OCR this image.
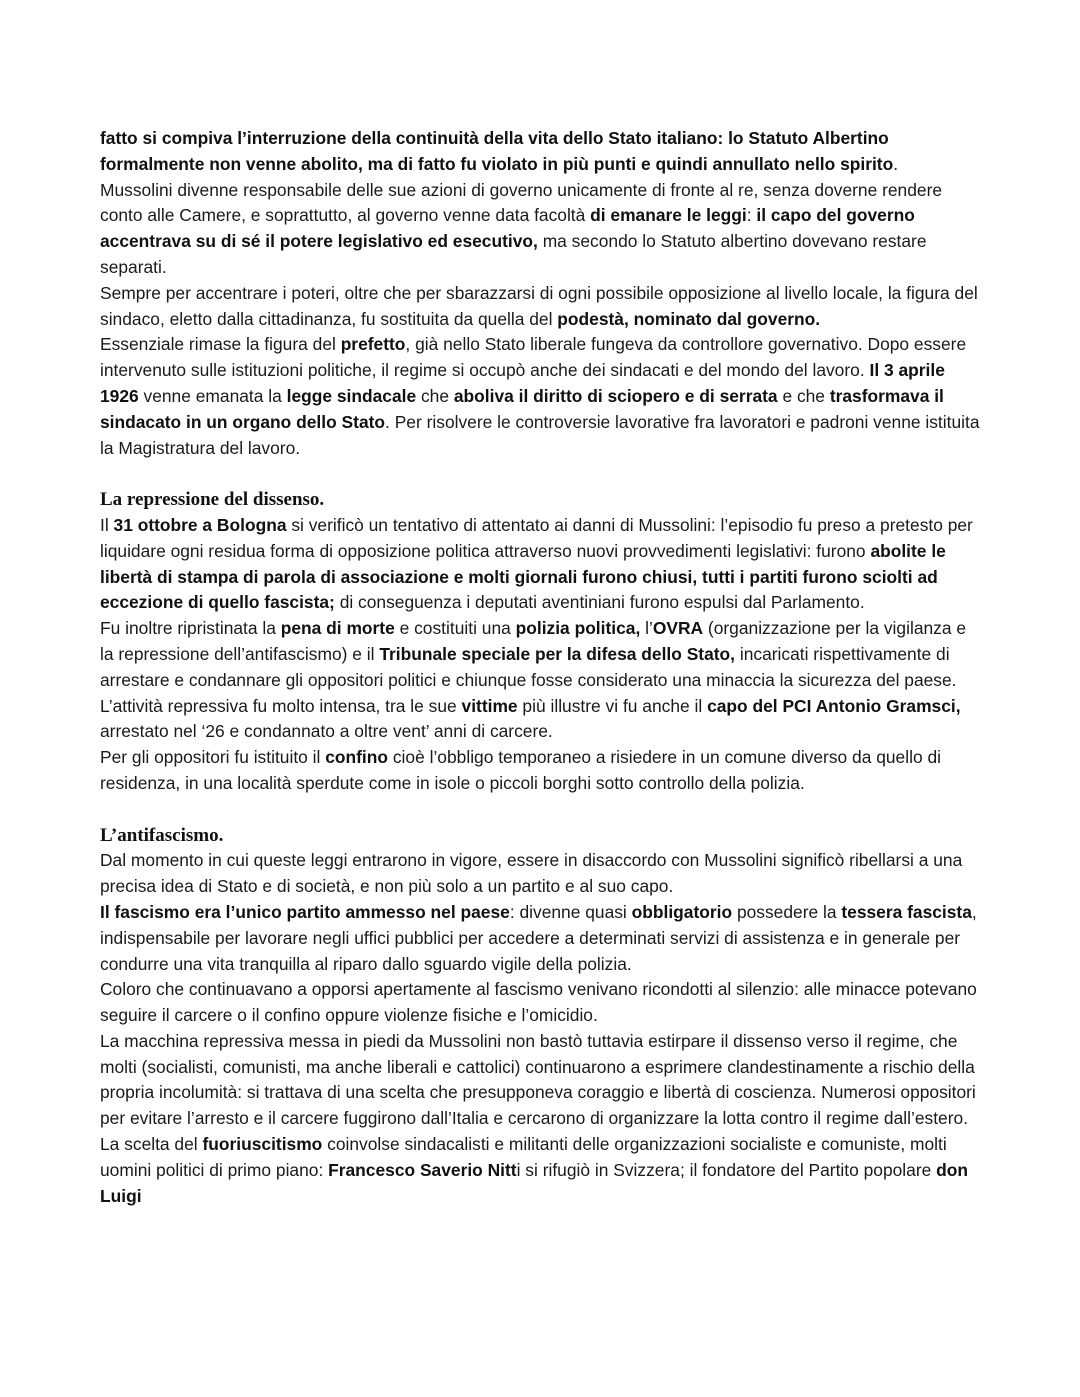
fatto si compiva l’interruzione della continuità della vita dello Stato italiano: lo Statuto Albertino formalmente non venne abolito, ma di fatto fu violato in più punti e quindi annullato nello spirito.

Mussolini divenne responsabile delle sue azioni di governo unicamente di fronte al re, senza doverne rendere conto alle Camere, e soprattutto, al governo venne data facoltà di emanare le leggi: il capo del governo accentrava su di sé il potere legislativo ed esecutivo, ma secondo lo Statuto albertino dovevano restare separati.

Sempre per accentrare i poteri, oltre che per sbarazzarsi di ogni possibile opposizione al livello locale, la figura del sindaco, eletto dalla cittadinanza, fu sostituita da quella del podestà, nominato dal governo.

Essenziale rimase la figura del prefetto, già nello Stato liberale fungeva da controllore governativo. Dopo essere intervenuto sulle istituzioni politiche, il regime si occupò anche dei sindacati e del mondo del lavoro. Il 3 aprile 1926 venne emanata la legge sindacale che aboliva il diritto di sciopero e di serrata e che trasformava il sindacato in un organo dello Stato. Per risolvere le controversie lavorative fra lavoratori e padroni venne istituita la Magistratura del lavoro.

La repressione del dissenso.

Il 31 ottobre a Bologna si verificò un tentativo di attentato ai danni di Mussolini: l’episodio fu preso a pretesto per liquidare ogni residua forma di opposizione politica attraverso nuovi provvedimenti legislativi: furono abolite le libertà di stampa di parola di associazione e molti giornali furono chiusi, tutti i partiti furono sciolti ad eccezione di quello fascista; di conseguenza i deputati aventiniani furono espulsi dal Parlamento.

Fu inoltre ripristinata la pena di morte e costituiti una polizia politica, l’OVRA (organizzazione per la vigilanza e la repressione dell’antifascismo) e il Tribunale speciale per la difesa dello Stato, incaricati rispettivamente di arrestare e condannare gli oppositori politici e chiunque fosse considerato una minaccia la sicurezza del paese.

L’attività repressiva fu molto intensa, tra le sue vittime più illustre vi fu anche il capo del PCI Antonio Gramsci, arrestato nel ‘26 e condannato a oltre vent’ anni di carcere.

Per gli oppositori fu istituito il confino cioè l’obbligo temporaneo a risiedere in un comune diverso da quello di residenza, in una località sperdute come in isole o piccoli borghi sotto controllo della polizia.

L’antifascismo.

Dal momento in cui queste leggi entrarono in vigore, essere in disaccordo con Mussolini significò ribellarsi a una precisa idea di Stato e di società, e non più solo a un partito e al suo capo.

Il fascismo era l’unico partito ammesso nel paese: divenne quasi obbligatorio possedere la tessera fascista, indispensabile per lavorare negli uffici pubblici per accedere a determinati servizi di assistenza e in generale per condurre una vita tranquilla al riparo dallo sguardo vigile della polizia.

Coloro che continuavano a opporsi apertamente al fascismo venivano ricondotti al silenzio: alle minacce potevano seguire il carcere o il confino oppure violenze fisiche e l’omicidio.

La macchina repressiva messa in piedi da Mussolini non bastò tuttavia estirpare il dissenso verso il regime, che molti (socialisti, comunisti, ma anche liberali e cattolici) continuarono a esprimere clandestinamente a rischio della propria incolumità: si trattava di una scelta che presupponeva coraggio e libertà di coscienza. Numerosi oppositori per evitare l’arresto e il carcere fuggirono dall’Italia e cercarono di organizzare la lotta contro il regime dall’estero. La scelta del fuoriuscitismo coinvolse sindacalisti e militanti delle organizzazioni socialiste e comuniste, molti uomini politici di primo piano: Francesco Saverio Nitti si rifugiò in Svizzera; il fondatore del Partito popolare don Luigi
